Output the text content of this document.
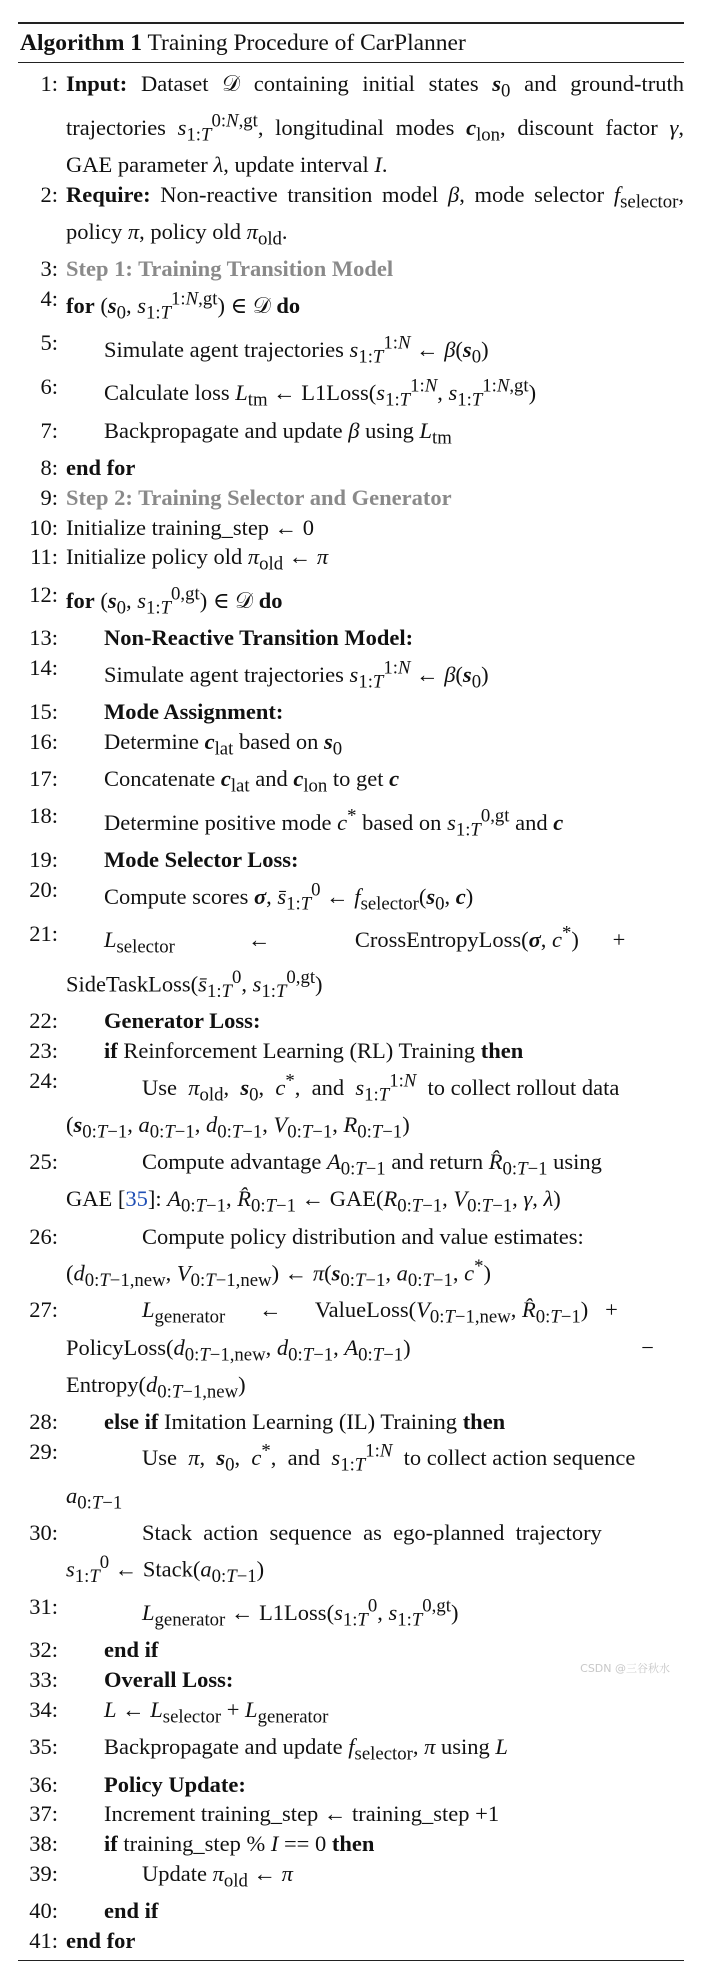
Algorithm 1 Training Procedure of CarPlanner
1: Input: Dataset 𝒟 containing initial states $s_0$ and ground-truth trajectories $s_{1:T}^{0:N,gt}$, longitudinal modes $c_{lon}$, discount factor γ, GAE parameter λ, update interval I.
2: Require: Non-reactive transition model β, mode selector $f_{selector}$, policy π, policy old $\pi_{old}$.
3: Step 1: Training Transition Model
4: for ($s_0$, $s_{1:T}^{1:N,gt}$) ∈ 𝒟 do
5: Simulate agent trajectories $s_{1:T}^{1:N}$ ← $\beta(s_0)$
6: Calculate loss $L_{tm}$ ← $L1Loss(s_{1:T}^{1:N}$, $s_{1:T}^{1:N,gt}$)
7: Backpropagate and update β using $L_{tm}$
8: end for
9: Step 2: Training Selector and Generator
10: Initialize training_step ← 0
11: Initialize policy old $\pi_{old}$ ← π
12: for ($s_0$, $s_{1:T}^{0,gt}$) ∈ 𝒟 do
13: Non-Reactive Transition Model:
14: Simulate agent trajectories $s_{1:T}^{1:N}$ ← $\beta(s_0)$
15: Mode Assignment:
16: Determine $c_{lat}$ based on $s_0$
17: Concatenate $c_{lat}$ and $c_{lon}$ to get c
18: Determine positive mode c* based on $s_{1:T}^{0,gt}$ and c
19: Mode Selector Loss:
20: Compute scores σ, $s̄_{1:T}^0$ ← $f_{selector}(s_0$, c)
21: $L_{selector}$             ←               CrossEntropyLoss(σ, c*)      +
$SideTaskLoss(s̄_{1:T}^0$, $s_{1:T}^{0,gt}$)
22: Generator Loss:
23: if Reinforcement Learning (RL) Training then
24:	Use  $\pi_{old}$,  $s_0$,  c*,  and  $s_{1:T}^{1:N}$  to collect rollout data
($s_{0:T-1}$, $a_{0:T-1}$, $d_{0:T-1}$, $V_{0:T-1}$, $R_{0:T-1}$)
25:	Compute advantage $A_{0:T-1}$ and return $R̂_{0:T-1}$ using
GAE [35]: $A_{0:T-1}$, $R̂_{0:T-1}$ ← $GAE(R_{0:T-1}$, $V_{0:T-1}$, γ, λ)
26:	Compute policy distribution and value estimates:
($d_{0:T-1,new}$, $V_{0:T-1,new}$) ← $\pi(s_{0:T-1}$, $a_{0:T-1}$, c*)
27:	$L_{generator}$      ←      $ValueLoss(V_{0:T-1,new}$, $R̂_{0:T-1}$)   +
$PolicyLoss(d_{0:T-1,new}$, $d_{0:T-1}$, $A_{0:T-1}$)                                         −
$Entropy(d_{0:T-1,new})$
28: else if Imitation Learning (IL) Training then
29:	Use  π,  $s_0$,  c*,  and  $s_{1:T}^{1:N}$  to collect action sequence
$a_{0:T-1}$
30:	Stack  action  sequence  as  ego-planned  trajectory
$s_{1:T}^0$ ← $Stack(a_{0:T-1})$
31:	$L_{generator}$ ← $L1Loss(s_{1:T}^0$, $s_{1:T}^{0,gt}$)
32: end if
33: Overall Loss:
34: L ← $L_{selector} + L_{generator}$
35: Backpropagate and update $f_{selector}$, π using L
36: Policy Update:
37: Increment training_step ← training_step +1
38: if training_step % I == 0 then
39:	Update $\pi_{old}$ ← π
40: end if
41: end for
CSDN @三谷秋水
